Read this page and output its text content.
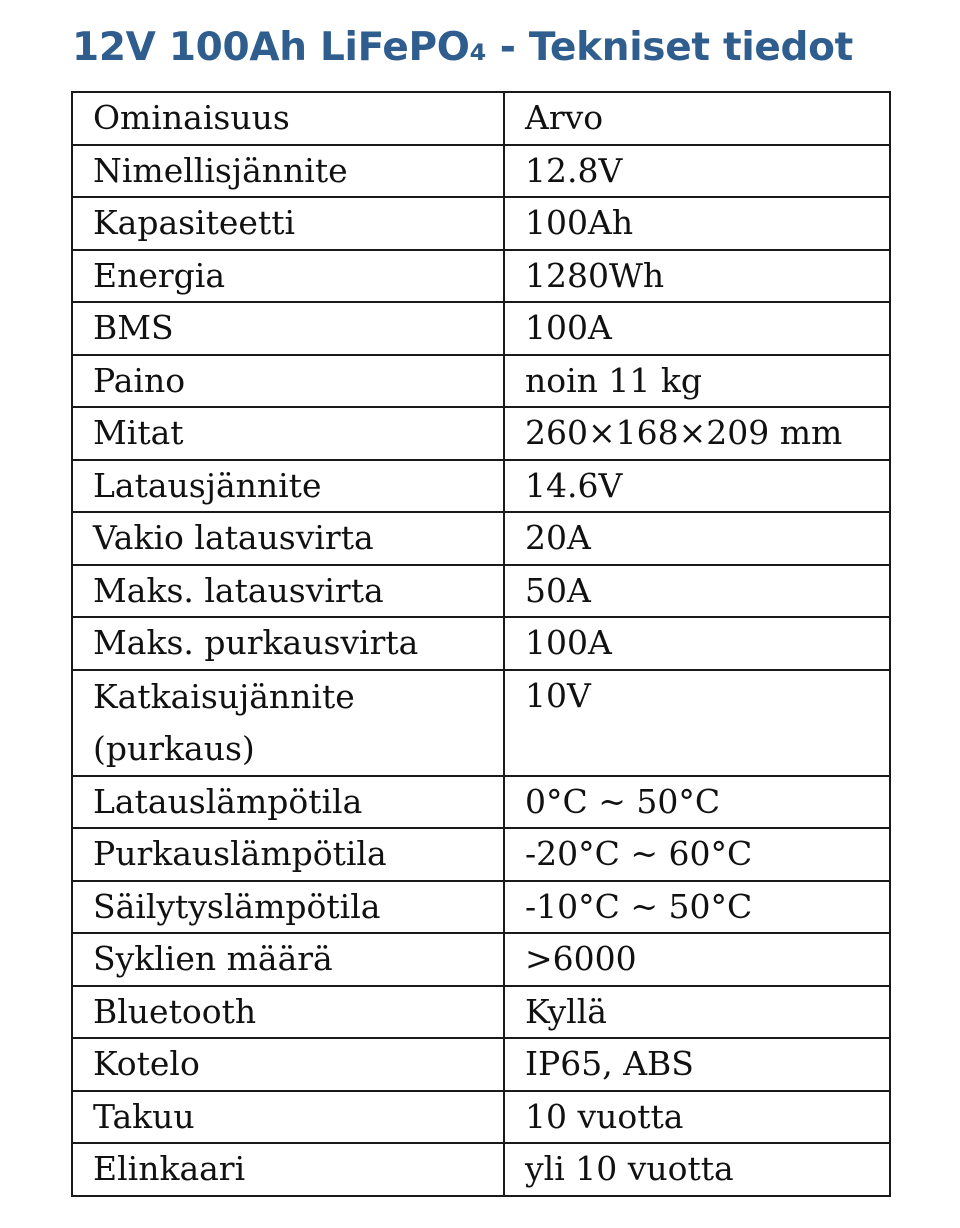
12V 100Ah LiFePO₄ - Tekniset tiedot
Ominaisuus	Arvo
Nimellisjännite	12.8V
Kapasiteetti	100Ah
Energia	1280Wh
BMS	100A
Paino	noin 11 kg
Mitat	260×168×209 mm
Latausjännite	14.6V
Vakio latausvirta	20A
Maks. latausvirta	50A
Maks. purkausvirta	100A
Katkaisujännite (purkaus)	10V
Latauslämpötila	0°C ~ 50°C
Purkauslämpötila	-20°C ~ 60°C
Säilytyslämpötila	-10°C ~ 50°C
Syklien määrä	>6000
Bluetooth	Kyllä
Kotelo	IP65, ABS
Takuu	10 vuotta
Elinkaari	yli 10 vuotta
